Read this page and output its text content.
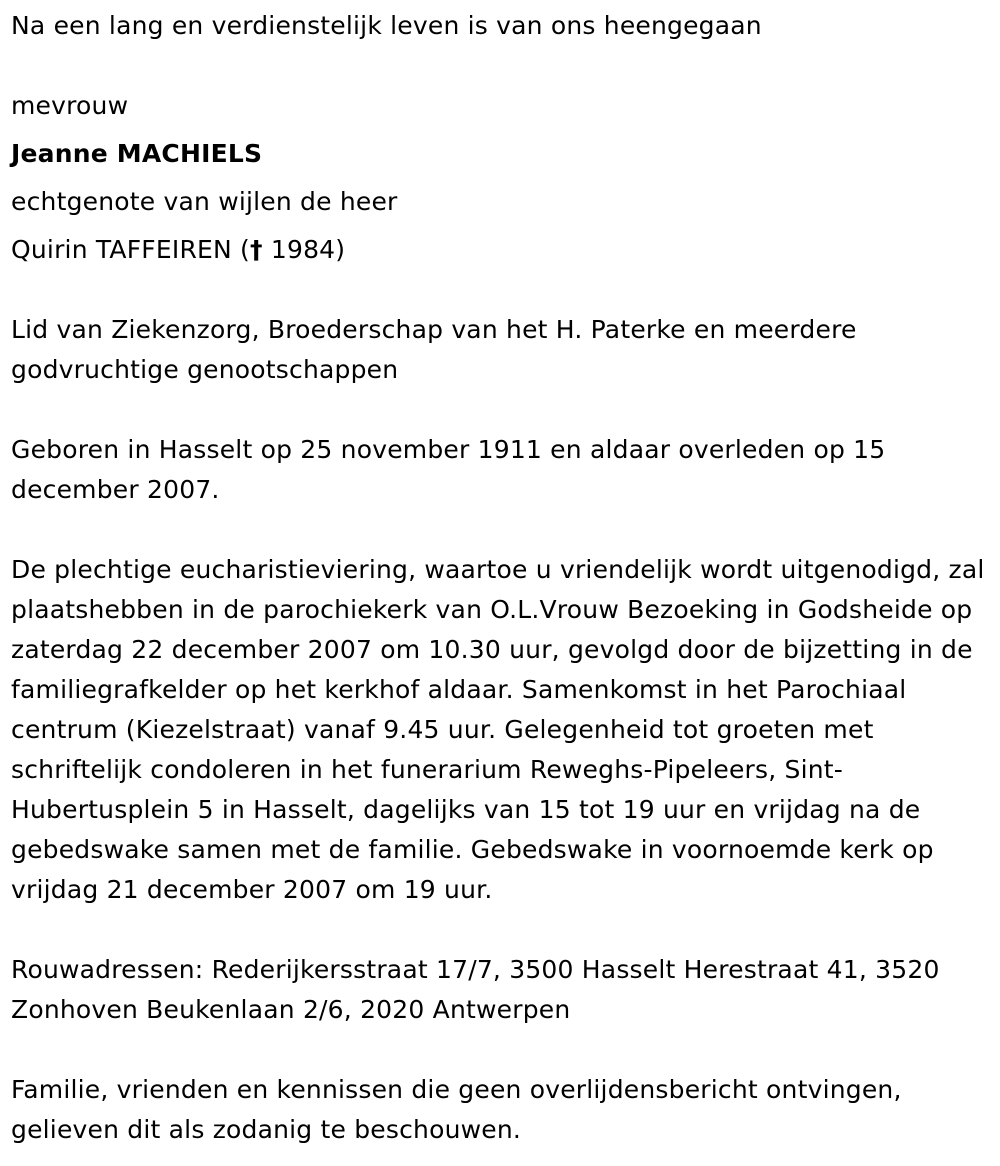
Na een lang en verdienstelijk leven is van ons heengegaan
mevrouw
Jeanne MACHIELS
echtgenote van wijlen de heer
Quirin TAFFEIREN († 1984)
Lid van Ziekenzorg, Broederschap van het H. Paterke en meerdere godvruchtige genootschappen
Geboren in Hasselt op 25 november 1911 en aldaar overleden op 15 december 2007.
De plechtige eucharistieviering, waartoe u vriendelijk wordt uitgenodigd, zal plaatshebben in de parochiekerk van O.L.Vrouw Bezoeking in Godsheide op zaterdag 22 december 2007 om 10.30 uur, gevolgd door de bijzetting in de familiegrafkelder op het kerkhof aldaar. Samenkomst in het Parochiaal centrum (Kiezelstraat) vanaf 9.45 uur. Gelegenheid tot groeten met schriftelijk condoleren in het funerarium Reweghs-Pipeleers, Sint-Hubertusplein 5 in Hasselt, dagelijks van 15 tot 19 uur en vrijdag na de gebedswake samen met de familie. Gebedswake in voornoemde kerk op vrijdag 21 december 2007 om 19 uur.
Rouwadressen: Rederijkersstraat 17/7, 3500 Hasselt Herestraat 41, 3520 Zonhoven Beukenlaan 2/6, 2020 Antwerpen
Familie, vrienden en kennissen die geen overlijdensbericht ontvingen, gelieven dit als zodanig te beschouwen.
